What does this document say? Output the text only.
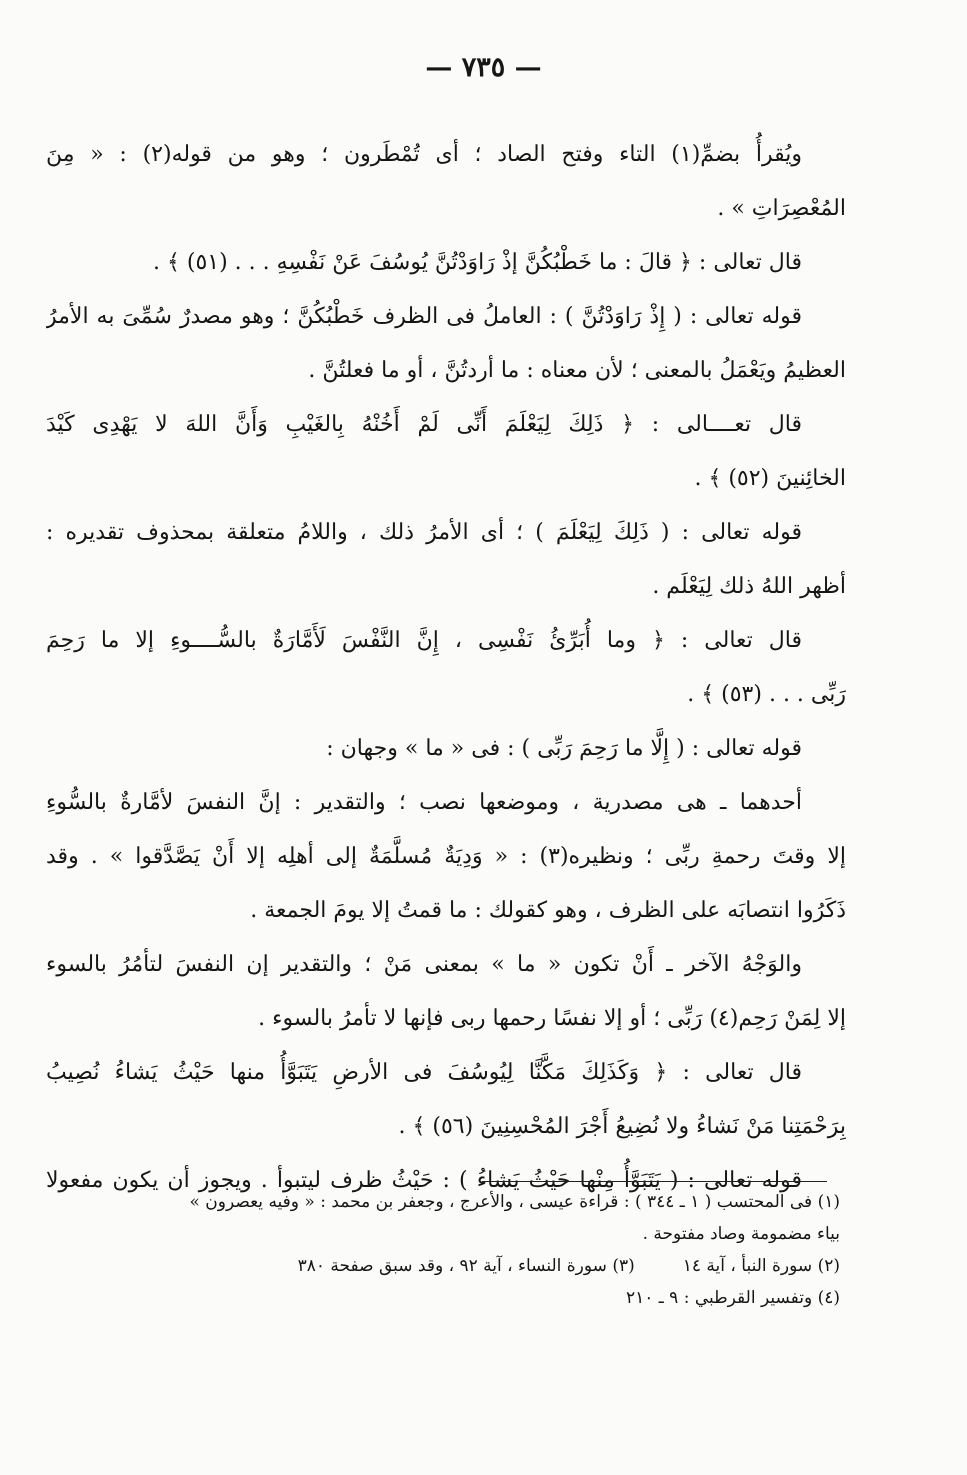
— ٧٣٥ —
ويُقرأُ بضمِّ(١) التاء وفتح الصاد ؛ أى تُمْطَرون ؛ وهو من قوله(٢) : « مِنَ
المُعْصِرَاتِ » .
قال تعالى : ﴿ قالَ : ما خَطْبُكُنَّ إذْ رَاوَدْتُنَّ يُوسُفَ عَنْ نَفْسِهِ . . . (٥١) ﴾ .
قوله تعالى : ( إِذْ رَاوَدْتُنَّ ) : العاملُ فى الظرف خَطْبُكُنَّ ؛ وهو مصدرٌ سُمِّىَ به الأمرُ
العظيمُ ويَعْمَلُ بالمعنى ؛ لأن معناه : ما أردتُنَّ ، أو ما فعلتُنَّ .
قال تعــــالى : ﴿ ذَلِكَ لِيَعْلَمَ أَنِّى لَمْ أَخُنْهُ بِالغَيْبِ وَأَنَّ اللهَ لا يَهْدِى كَيْدَ
الخائِنينَ (٥٢) ﴾ .
قوله تعالى : ( ذَلِكَ لِيَعْلَمَ ) ؛ أى الأمرُ ذلك ، واللامُ متعلقة بمحذوف تقديره :
أظهر اللهُ ذلك لِيَعْلَم .
قال تعالى : ﴿ وما أُبَرِّئُ نَفْسِى ، إِنَّ النَّفْسَ لَأَمَّارَةٌ بالسُّــــوءِ إلا ما رَحِمَ
رَبِّى . . . (٥٣) ﴾ .
قوله تعالى : ( إِلَّا ما رَحِمَ رَبِّى ) : فى « ما » وجهان :
أحدهما ـ هى مصدرية ، وموضعها نصب ؛ والتقدير : إنَّ النفسَ لأمَّارةٌ بالسُّوءِ
إلا وقتَ رحمةِ ربِّى ؛ ونظيره(٣) : « وَدِيَةٌ مُسلَّمَةٌ إلى أهلِه إلا أَنْ يَصَّدَّقوا » . وقد
ذَكَرُوا انتصابَه على الظرف ، وهو كقولك : ما قمتُ إلا يومَ الجمعة .
والوَجْهُ الآخر ـ أَنْ تكون « ما » بمعنى مَنْ ؛ والتقدير إن النفسَ لتأمُرُ بالسوء
إلا لِمَنْ رَحِم(٤) رَبِّى ؛ أو إلا نفسًا رحمها ربى فإنها لا تأمرُ بالسوء .
قال تعالى : ﴿ وَكَذَلِكَ مَكَّنَّا لِيُوسُفَ فى الأرضِ يَتَبَوَّأُ منها حَيْثُ يَشاءُ نُصِيبُ
بِرَحْمَتِنا مَنْ نَشاءُ ولا نُضِيعُ أَجْرَ المُحْسِنِينَ (٥٦) ﴾ .
قوله تعالى : ( يَتَبَوَّأُ مِنْها حَيْثُ يَشاءُ ) : حَيْثُ ظرف ليتبوأ . ويجوز أن يكون مفعولا
(١) فى المحتسب ( ١ ـ ٣٤٤ ) : قراءة عيسى ، والأعرج ، وجعفر بن محمد : « وفيه يعصرون »
بياء مضمومة وصاد مفتوحة .
(٢) سورة النبأ ، آية ١٤
(٣) سورة النساء ، آية ٩٢ ، وقد سبق صفحة ٣٨٠
(٤) وتفسير القرطبي : ٩ ـ ٢١٠
